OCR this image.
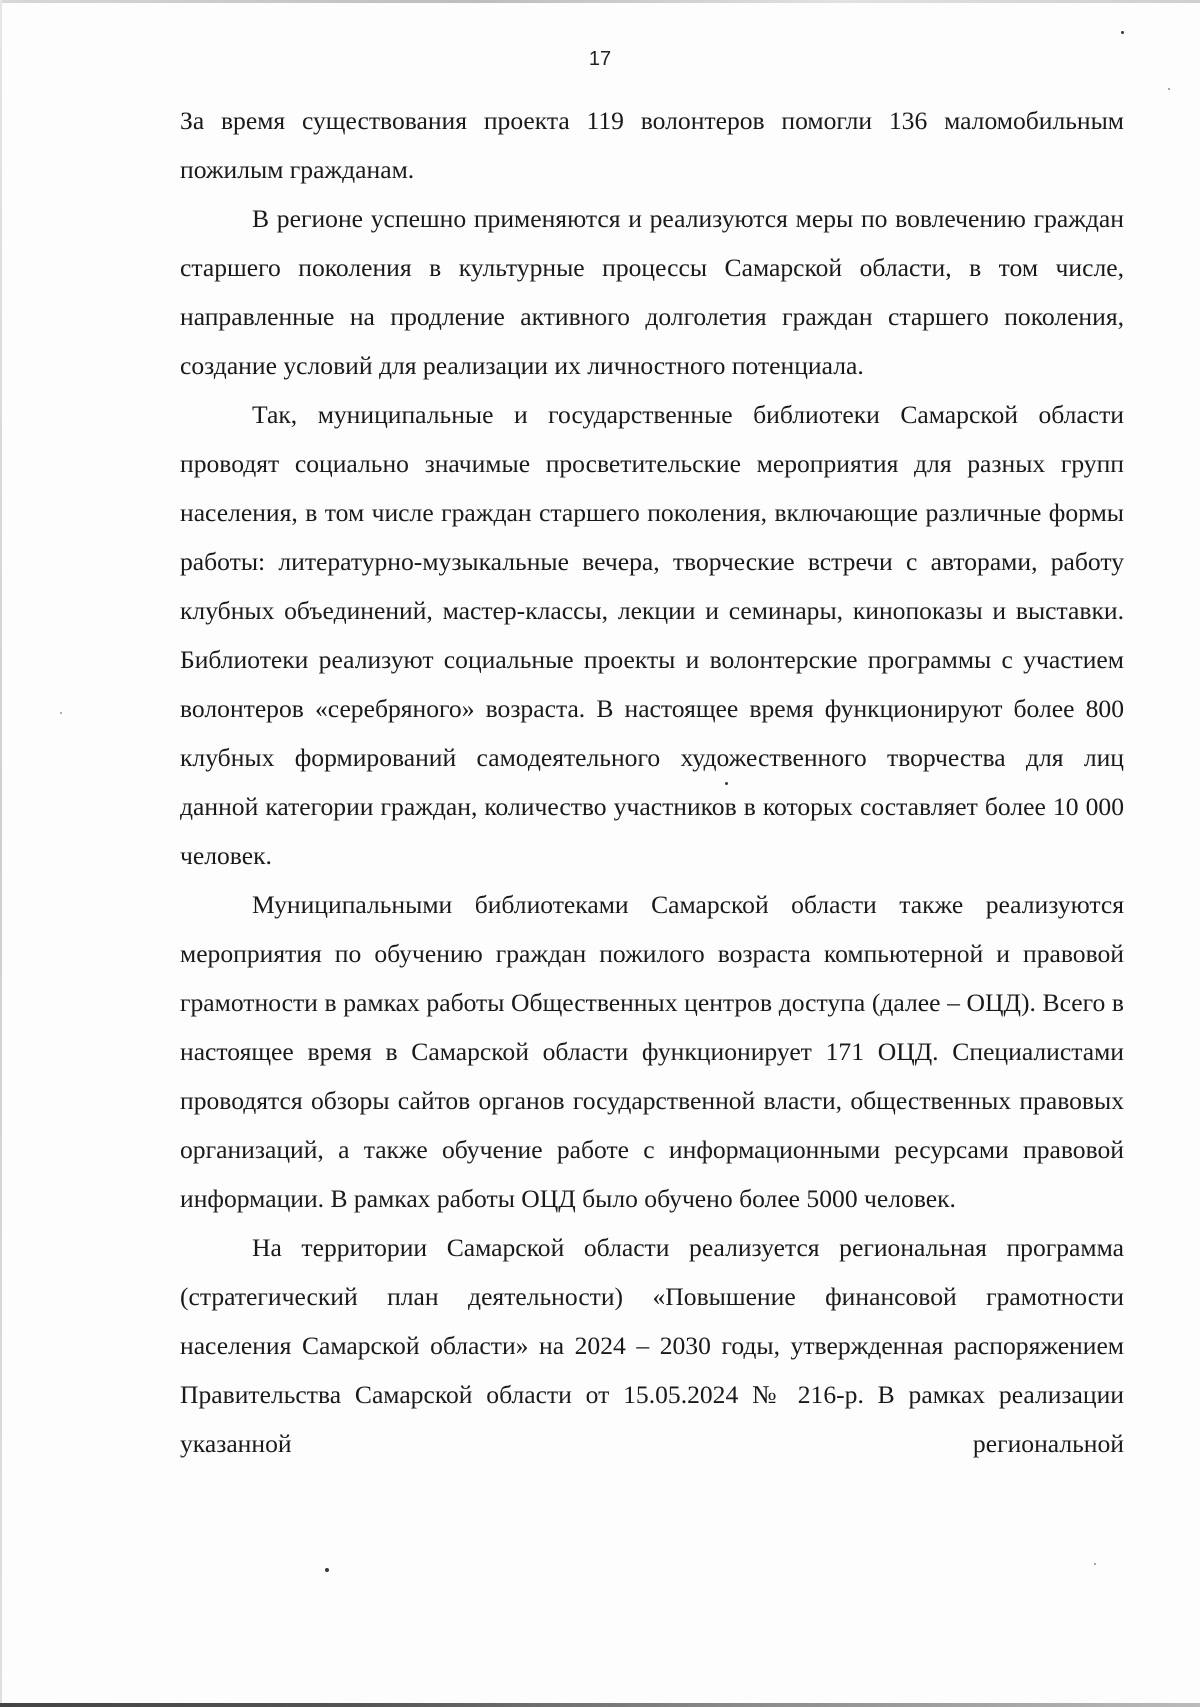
17

За время существования проекта 119 волонтеров помогли 136 маломобильным пожилым гражданам.

В регионе успешно применяются и реализуются меры по вовлечению граждан старшего поколения в культурные процессы Самарской области, в том числе, направленные на продление активного долголетия граждан старшего поколения, создание условий для реализации их личностного потенциала.

Так, муниципальные и государственные библиотеки Самарской области проводят социально значимые просветительские мероприятия для разных групп населения, в том числе граждан старшего поколения, включающие различные формы работы: литературно-музыкальные вечера, творческие встречи с авторами, работу клубных объединений, мастер-классы, лекции и семинары, кинопоказы и выставки. Библиотеки реализуют социальные проекты и волонтерские программы с участием волонтеров «серебряного» возраста. В настоящее время функционируют более 800 клубных формирований самодеятельного художественного творчества для лиц данной категории граждан, количество участников в которых составляет более 10 000 человек.

Муниципальными библиотеками Самарской области также реализуются мероприятия по обучению граждан пожилого возраста компьютерной и правовой грамотности в рамках работы Общественных центров доступа (далее – ОЦД). Всего в настоящее время в Самарской области функционирует 171 ОЦД. Специалистами проводятся обзоры сайтов органов государственной власти, общественных правовых организаций, а также обучение работе с информационными ресурсами правовой информации. В рамках работы ОЦД было обучено более 5000 человек.

На территории Самарской области реализуется региональная программа (стратегический план деятельности) «Повышение финансовой грамотности населения Самарской области» на 2024 – 2030 годы, утвержденная распоряжением Правительства Самарской области от 15.05.2024 № 216-р. В рамках реализации указанной региональной
